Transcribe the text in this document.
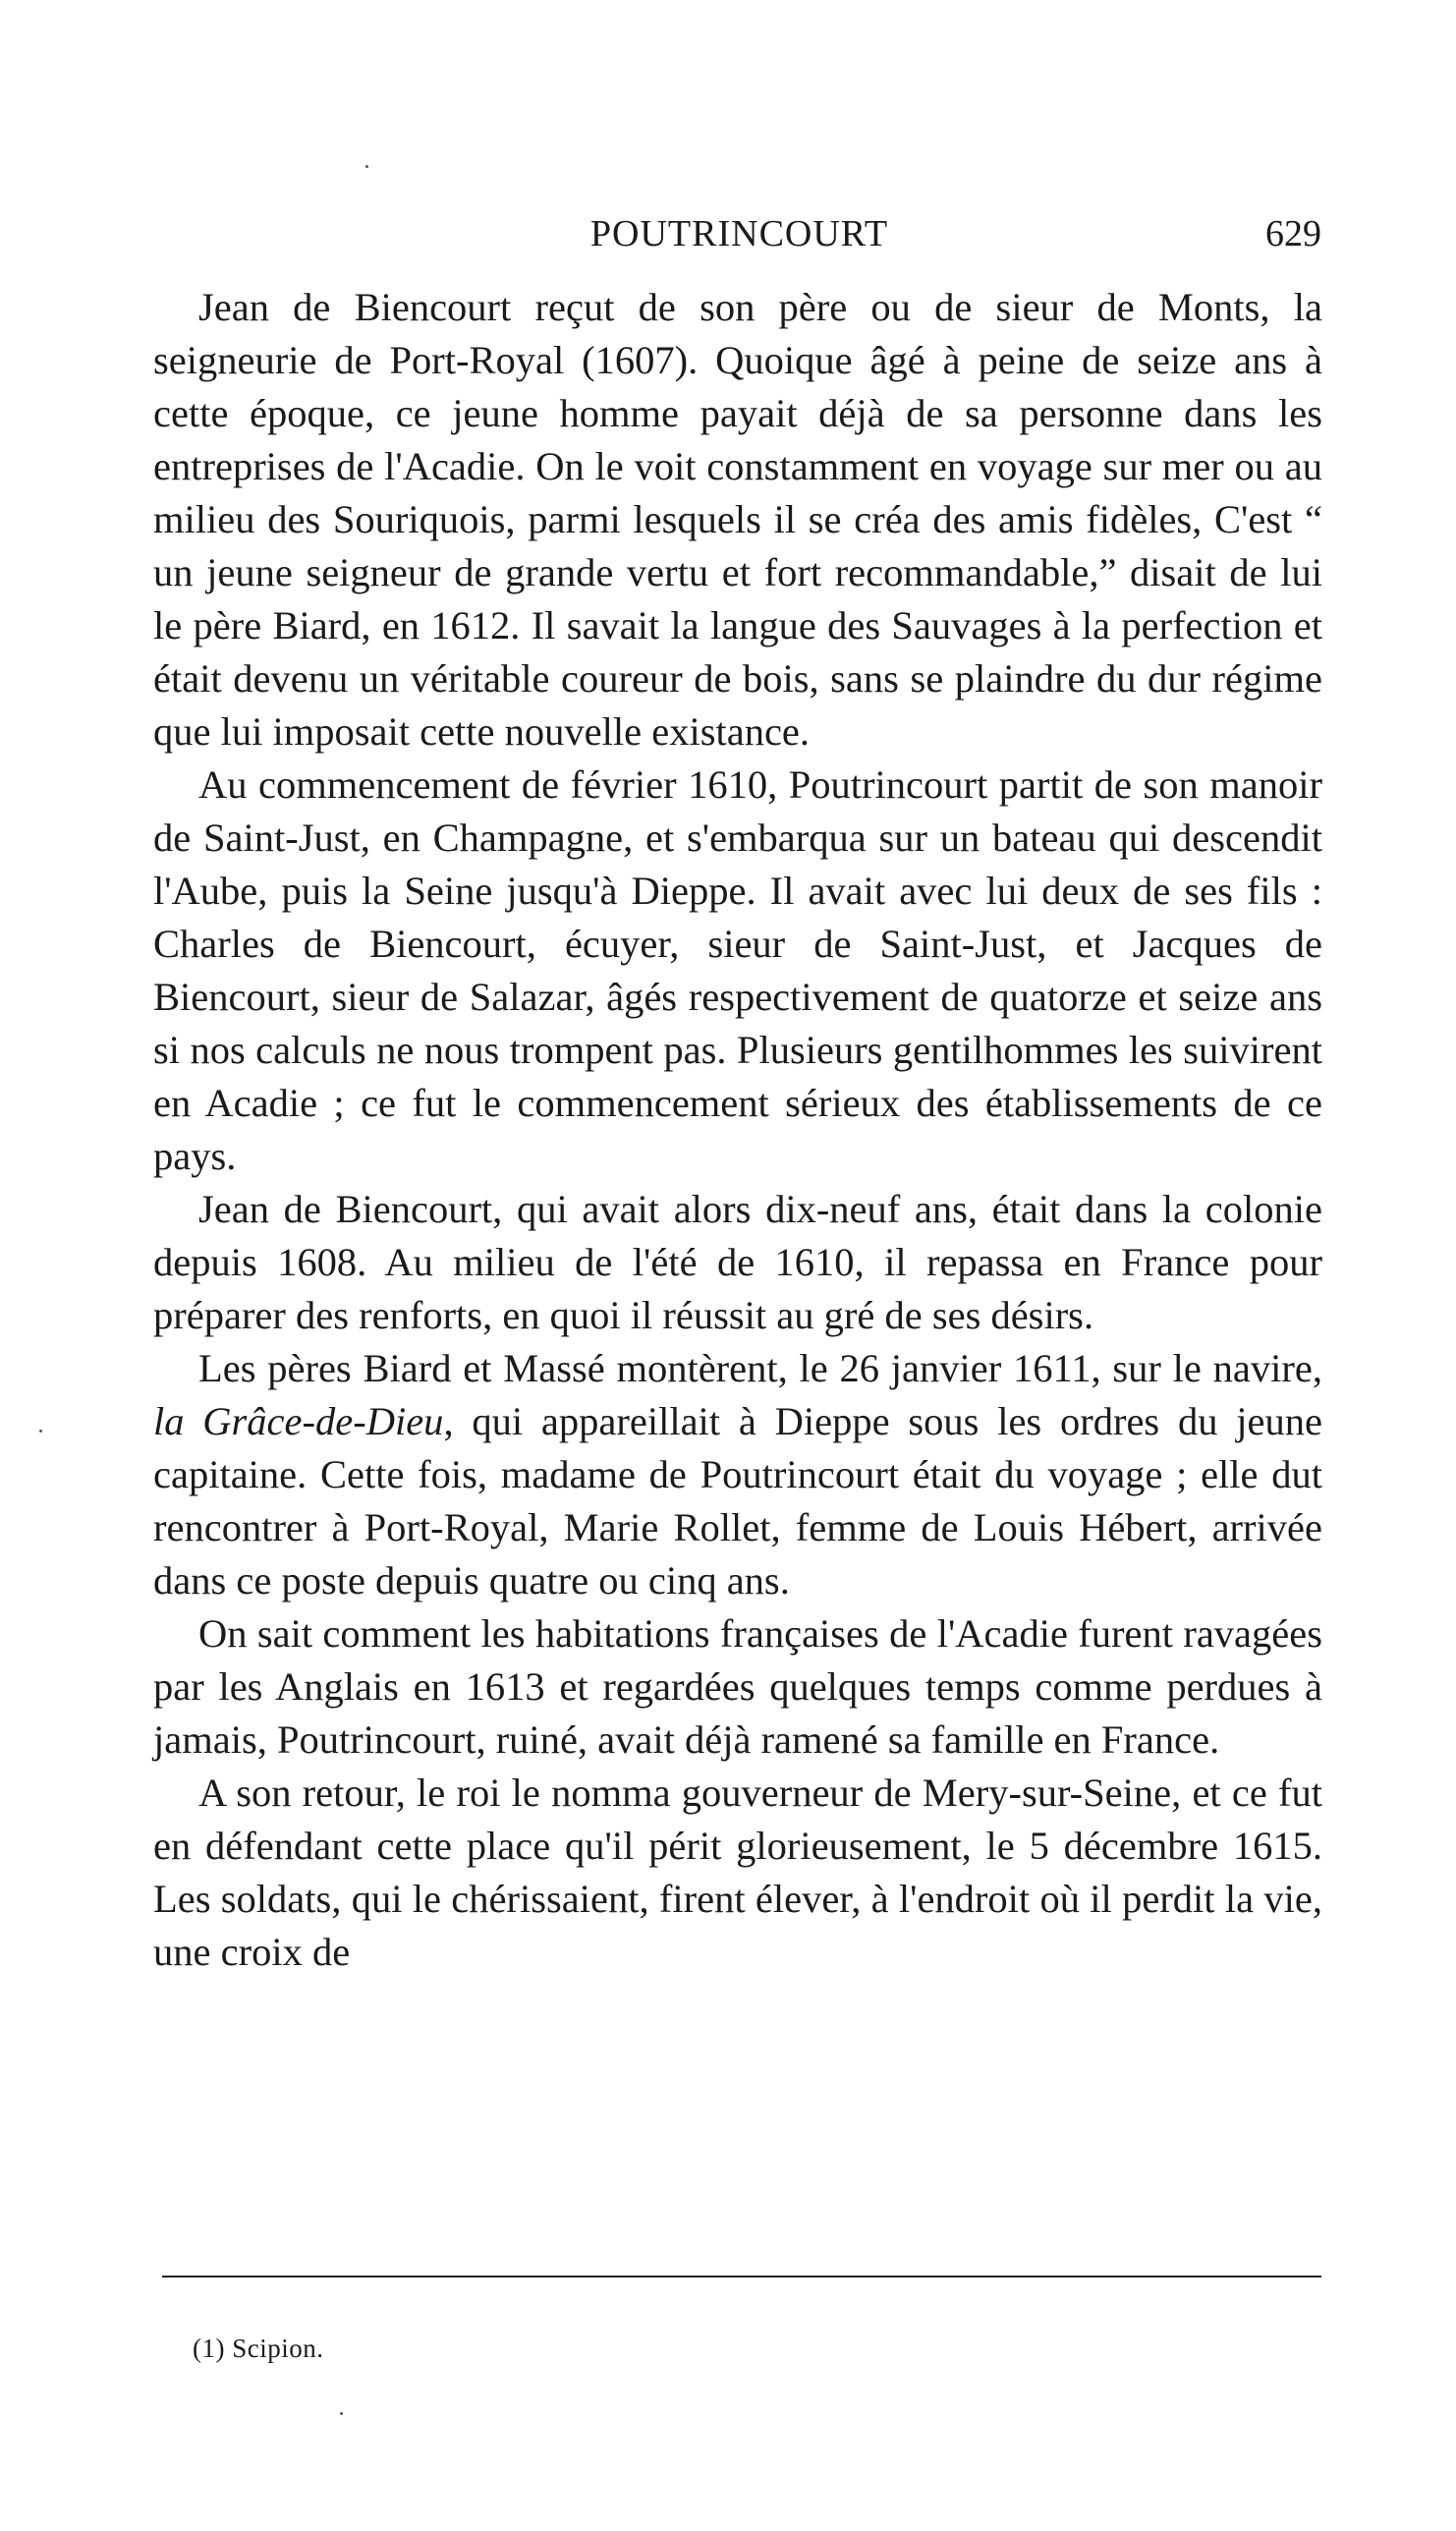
POUTRINCOURT	629

Jean de Biencourt reçut de son père ou de sieur de Monts, la seigneurie de Port-Royal (1607). Quoique âgé à peine de seize ans à cette époque, ce jeune homme payait déjà de sa personne dans les entreprises de l'Acadie. On le voit constamment en voyage sur mer ou au milieu des Souriquois, parmi lesquels il se créa des amis fidèles, C'est “ un jeune seigneur de grande vertu et fort recommandable,” disait de lui le père Biard, en 1612. Il savait la langue des Sauvages à la perfection et était devenu un véritable coureur de bois, sans se plaindre du dur régime que lui imposait cette nouvelle existance.

Au commencement de février 1610, Poutrincourt partit de son manoir de Saint-Just, en Champagne, et s'embarqua sur un bateau qui descendit l'Aube, puis la Seine jusqu'à Dieppe. Il avait avec lui deux de ses fils : Charles de Biencourt, écuyer, sieur de Saint-Just, et Jacques de Biencourt, sieur de Salazar, âgés respectivement de quatorze et seize ans si nos calculs ne nous trompent pas. Plusieurs gentilhommes les suivirent en Acadie ; ce fut le commencement sérieux des établissements de ce pays.

Jean de Biencourt, qui avait alors dix-neuf ans, était dans la colonie depuis 1608. Au milieu de l'été de 1610, il repassa en France pour préparer des renforts, en quoi il réussit au gré de ses désirs.

Les pères Biard et Massé montèrent, le 26 janvier 1611, sur le navire, la Grâce-de-Dieu, qui appareillait à Dieppe sous les ordres du jeune capitaine. Cette fois, madame de Poutrincourt était du voyage ; elle dut rencontrer à Port-Royal, Marie Rollet, femme de Louis Hébert, arrivée dans ce poste depuis quatre ou cinq ans.

On sait comment les habitations françaises de l'Acadie furent ravagées par les Anglais en 1613 et regardées quelques temps comme perdues à jamais, Poutrincourt, ruiné, avait déjà ramené sa famille en France.

A son retour, le roi le nomma gouverneur de Mery-sur-Seine, et ce fut en défendant cette place qu'il périt glorieusement, le 5 décembre 1615. Les soldats, qui le chérissaient, firent élever, à l'endroit où il perdit la vie, une croix de

(1) Scipion.
